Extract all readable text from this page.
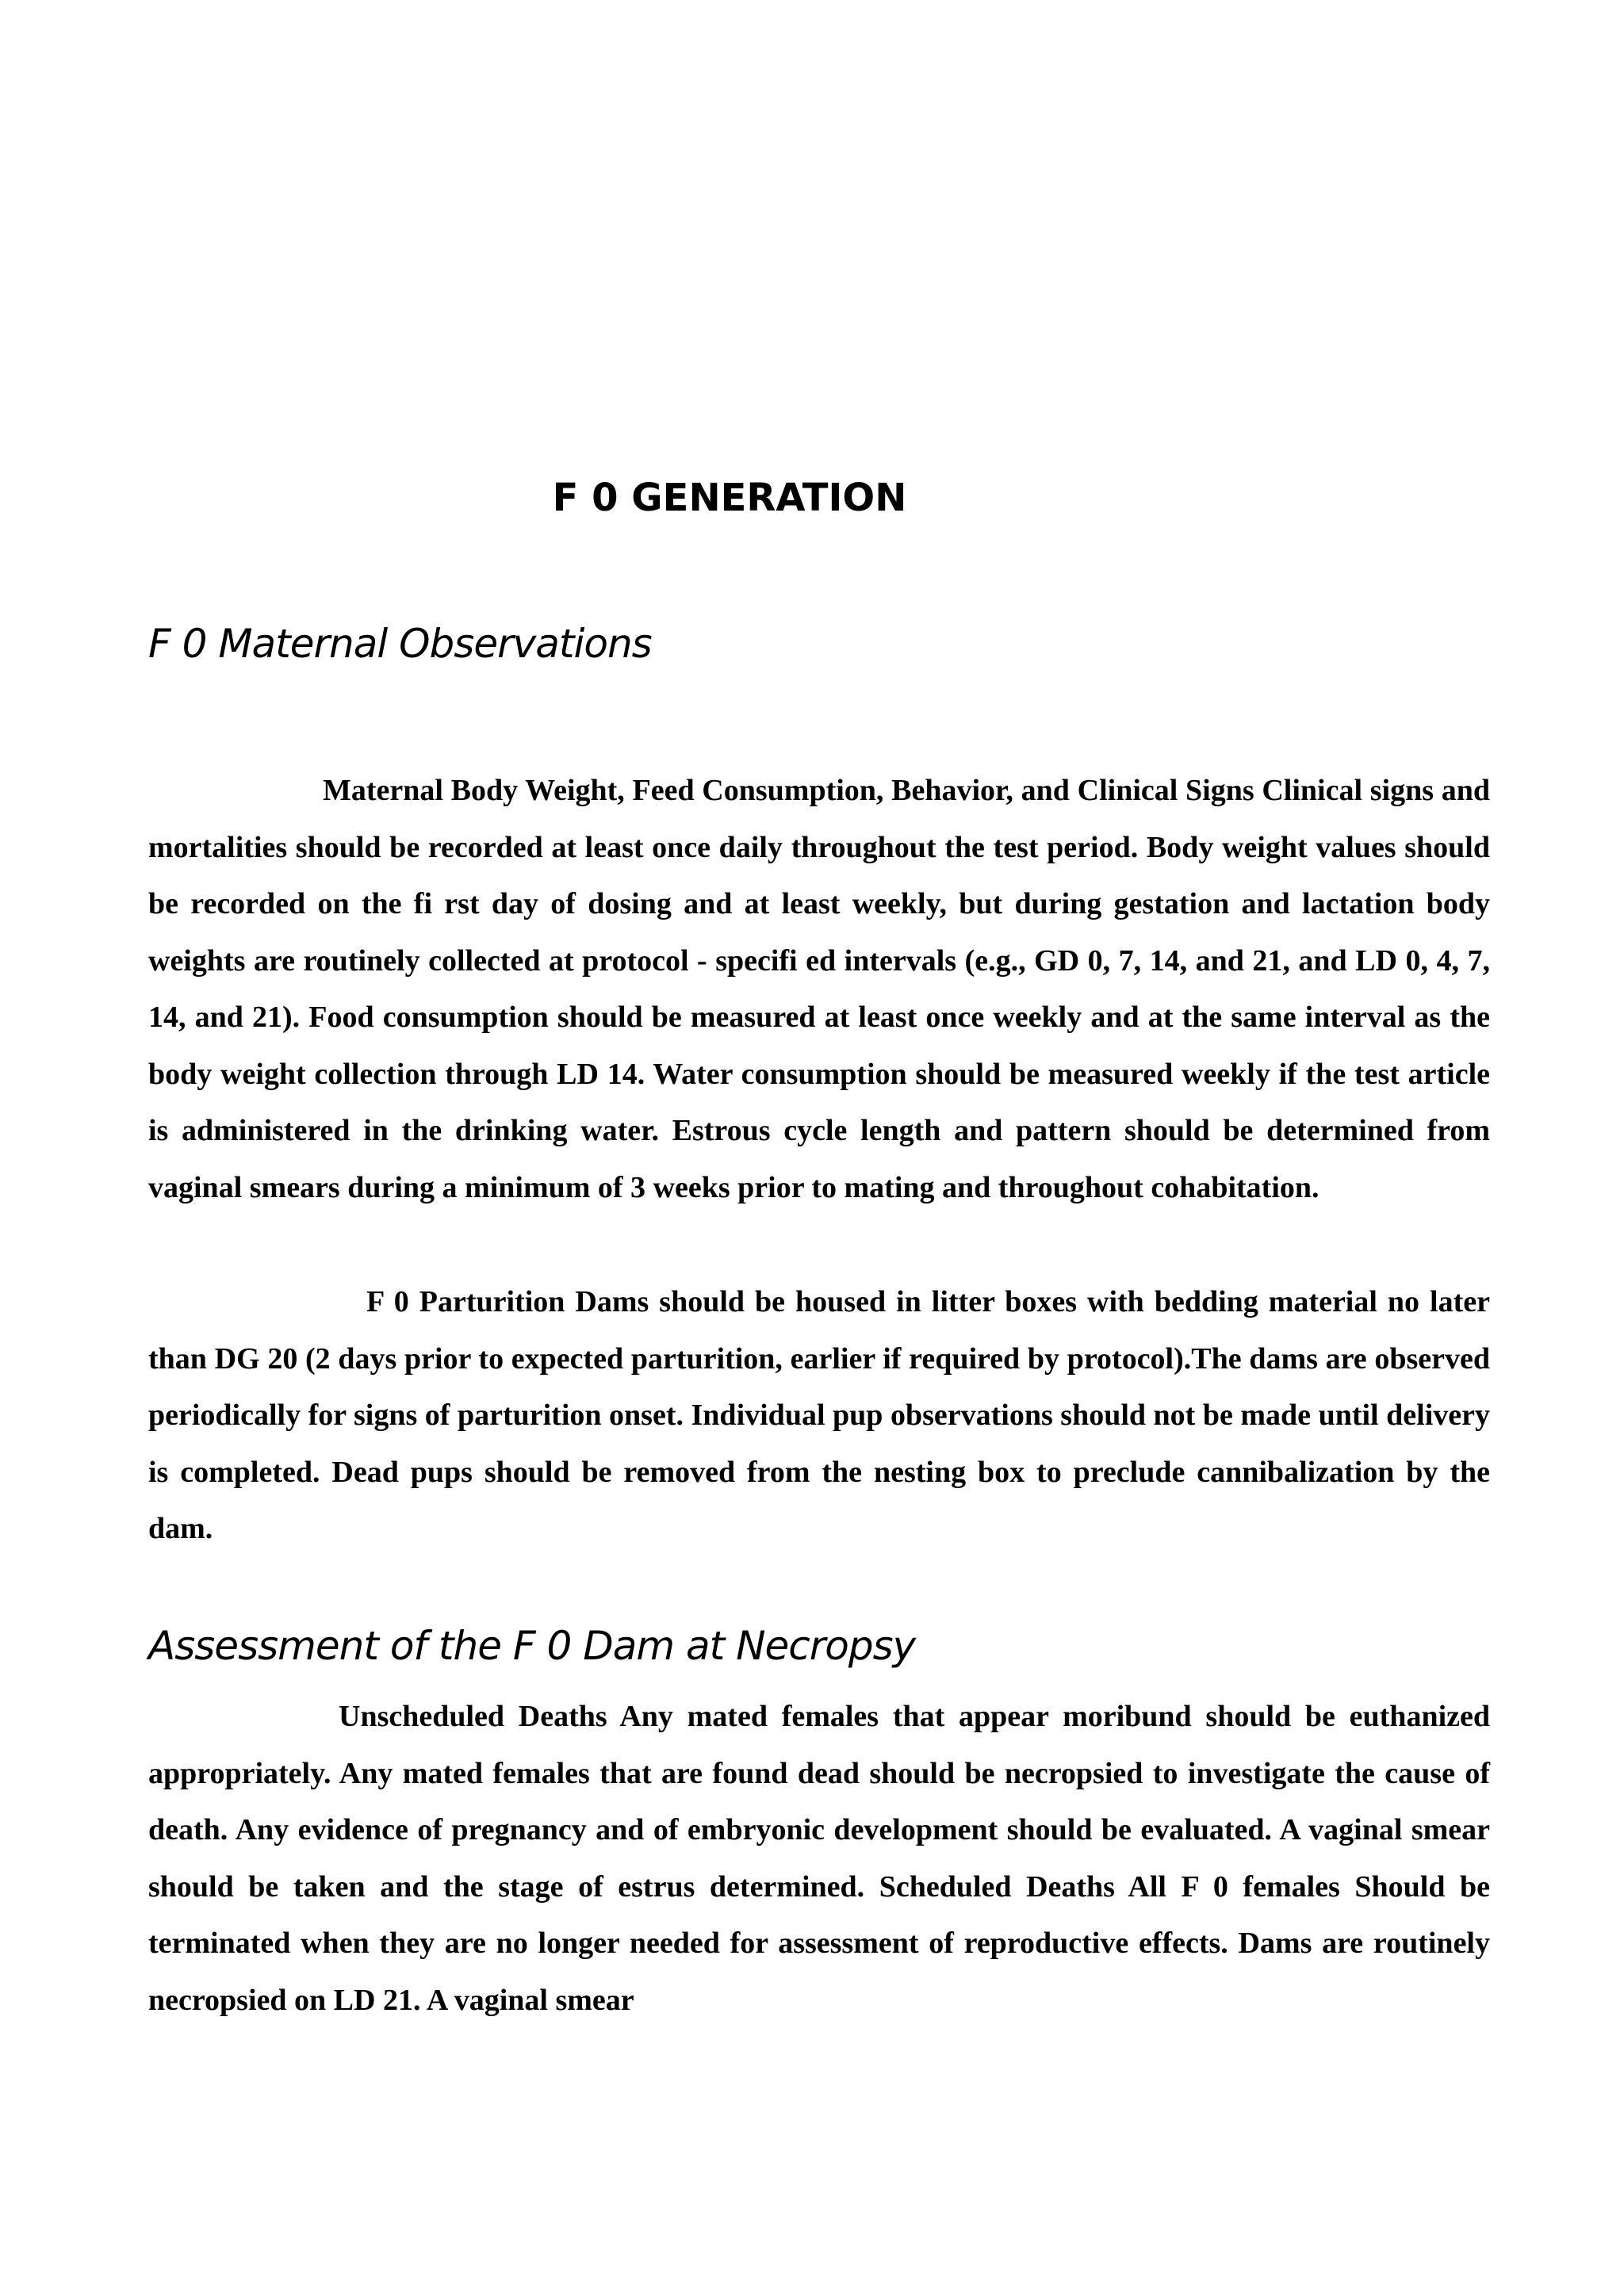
F 0 GENERATION
F 0 Maternal Observations

Maternal Body Weight, Feed Consumption, Behavior, and Clinical Signs Clinical signs and mortalities should be recorded at least once daily throughout the test period. Body weight values should be recorded on the fi rst day of dosing and at least weekly, but during gestation and lactation body weights are routinely collected at protocol - specifi ed intervals (e.g., GD 0, 7, 14, and 21, and LD 0, 4, 7, 14, and 21). Food consumption should be measured at least once weekly and at the same interval as the body weight collection through LD 14. Water consumption should be measured weekly if the test article is administered in the drinking water. Estrous cycle length and pattern should be determined from vaginal smears during a minimum of 3 weeks prior to mating and throughout cohabitation.

F 0 Parturition Dams should be housed in litter boxes with bedding material no later than DG 20 (2 days prior to expected parturition, earlier if required by protocol).The dams are observed periodically for signs of parturition onset. Individual pup observations should not be made until delivery is completed. Dead pups should be removed from the nesting box to preclude cannibalization by the dam.

Assessment of the F 0 Dam at Necropsy

Unscheduled Deaths Any mated females that appear moribund should be euthanized appropriately. Any mated females that are found dead should be necropsied to investigate the cause of death. Any evidence of pregnancy and of embryonic development should be evaluated. A vaginal smear should be taken and the stage of estrus determined. Scheduled Deaths All F 0 females Should be terminated when they are no longer needed for assessment of reproductive effects. Dams are routinely necropsied on LD 21. A vaginal smear
